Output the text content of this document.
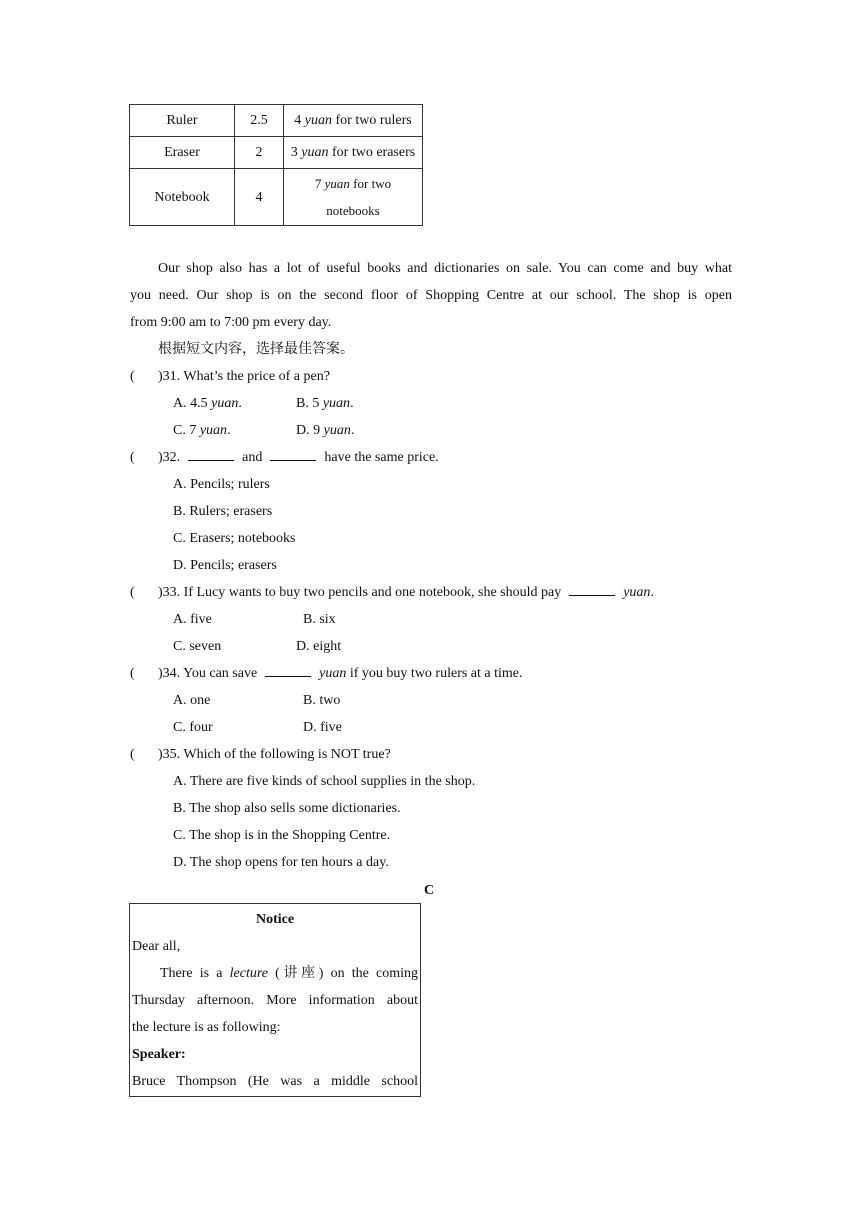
Ruler	2.5	4 yuan for two rulers
Eraser	2	3 yuan for two erasers
Notebook	4	7 yuan for two
notebooks
Our shop also has a lot of useful books and dictionaries on sale. You can come and buy what
you need. Our shop is on the second floor of Shopping Centre at our school. The shop is open
from 9:00 am to 7:00 pm every day.
根据短文内容，选择最佳答案。
( )31. What’s the price of a pen?
A. 4.5 yuan.	B. 5 yuan.
C. 7 yuan.	D. 9 yuan.
( )32.	and	have the same price.
A. Pencils; rulers
B. Rulers; erasers
C. Erasers; notebooks
D. Pencils; erasers
( )33. If Lucy wants to buy two pencils and one notebook, she should pay	yuan.
A. five	B. six
C. seven	D. eight
( )34. You can save	yuan if you buy two rulers at a time.
A. one	B. two
C. four	D. five
( )35. Which of the following is NOT true?
A. There are five kinds of school supplies in the shop.
B. The shop also sells some dictionaries.
C. The shop is in the Shopping Centre.
D. The shop opens for ten hours a day.
C
Notice
Dear all,
There is a lecture (讲座) on the coming
Thursday afternoon. More information about
the lecture is as following:
Speaker:
Bruce Thompson (He was a middle school
